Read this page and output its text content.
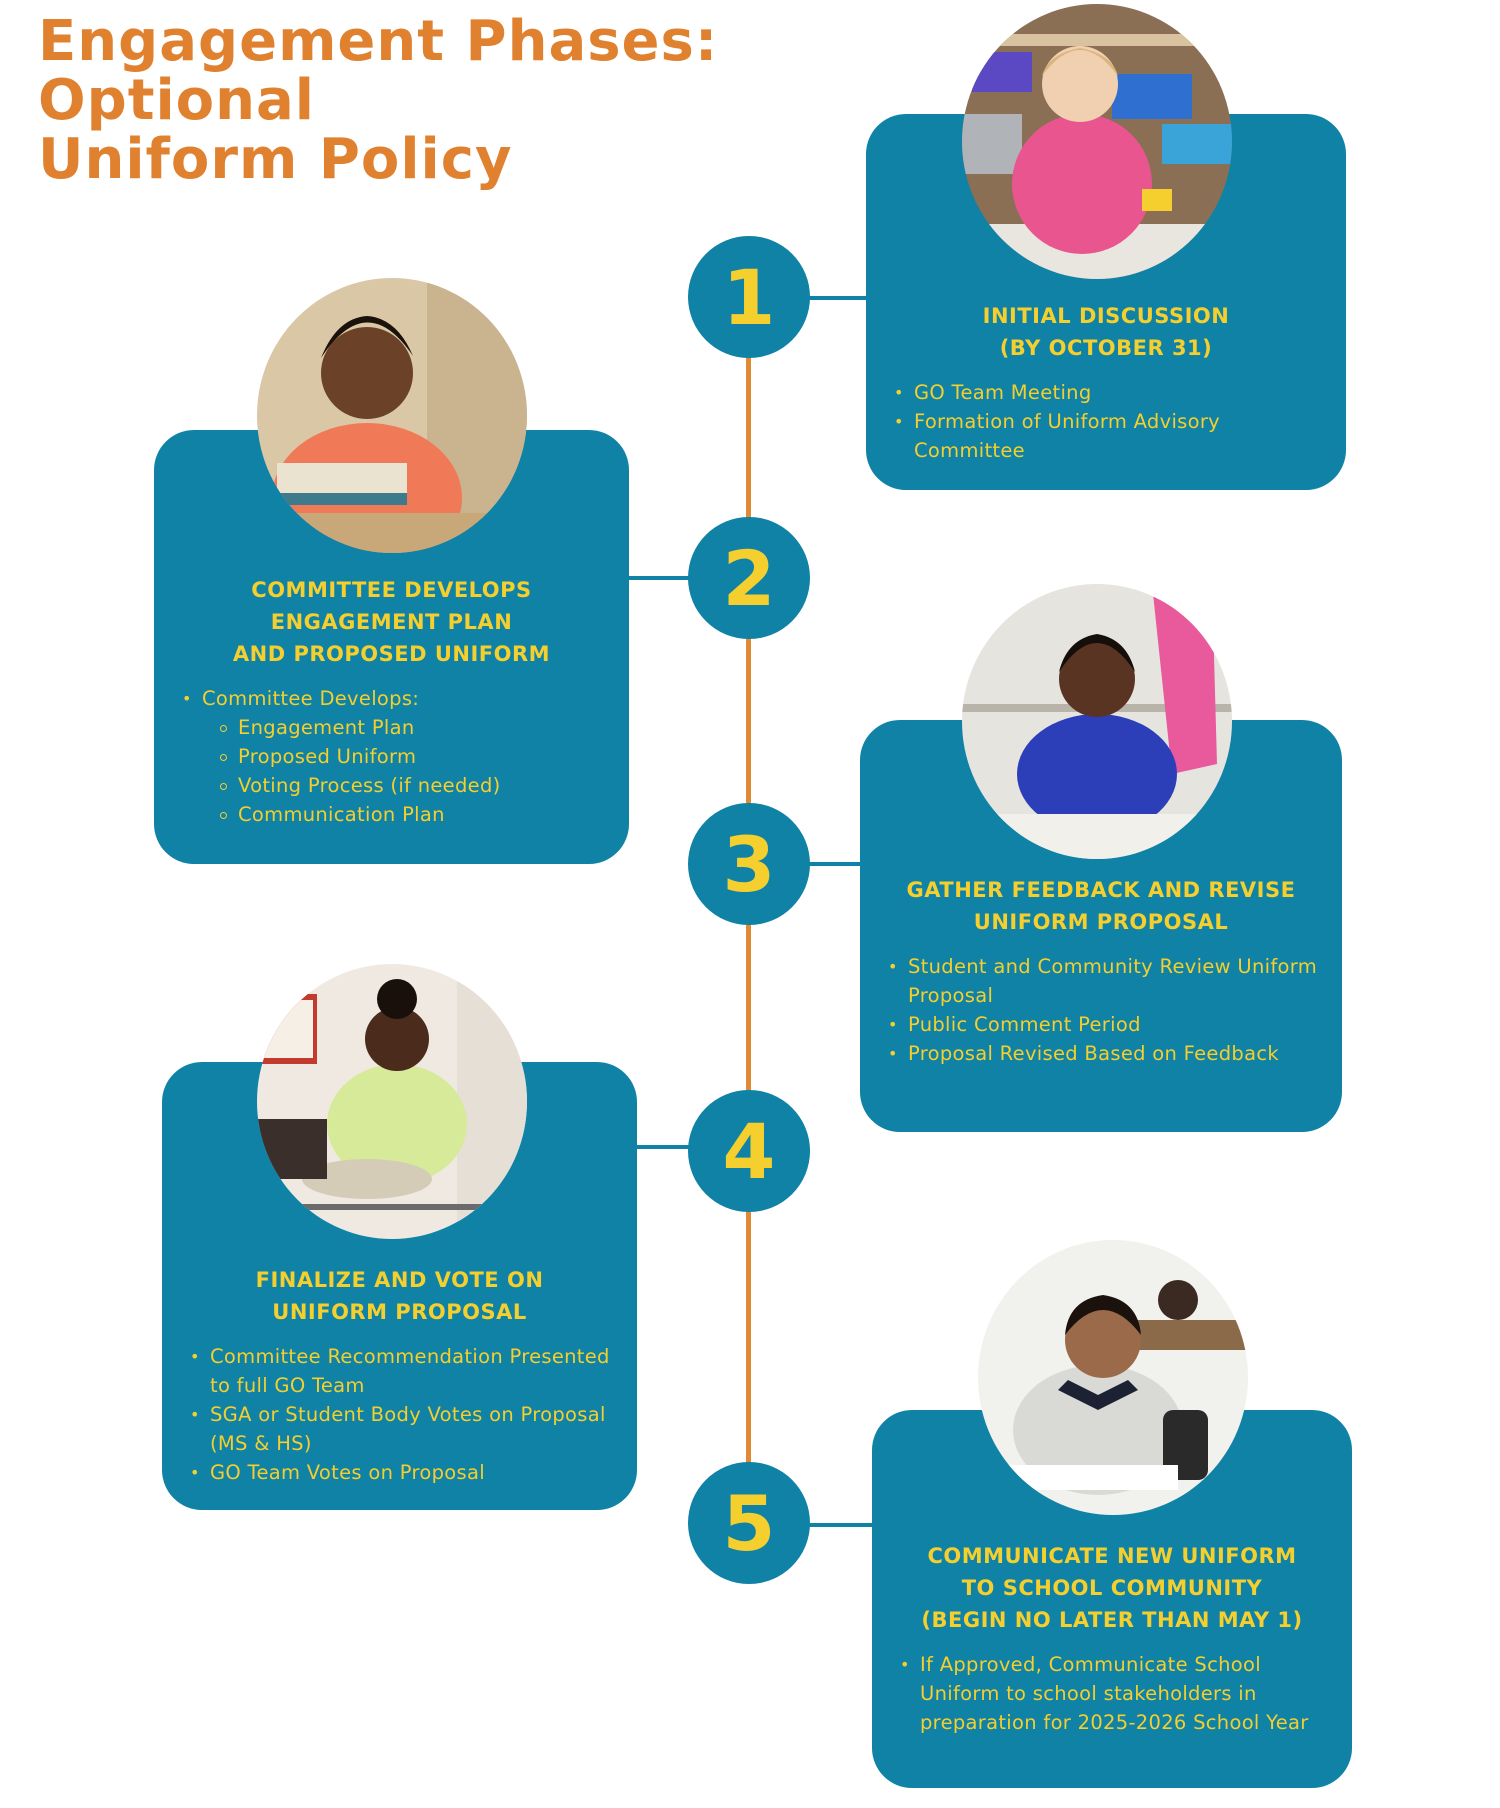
Engagement Phases:
Optional
Uniform Policy
INITIAL DISCUSSION
(BY OCTOBER 31)
• GO Team Meeting
• Formation of Uniform Advisory Committee
COMMITTEE DEVELOPS
ENGAGEMENT PLAN
AND PROPOSED UNIFORM
• Committee Develops:
Engagement Plan
Proposed Uniform
Voting Process (if needed)
Communication Plan
GATHER FEEDBACK AND REVISE
UNIFORM PROPOSAL
• Student and Community Review Uniform Proposal
• Public Comment Period
• Proposal Revised Based on Feedback
FINALIZE AND VOTE ON
UNIFORM PROPOSAL
• Committee Recommendation Presented to full GO Team
• SGA or Student Body Votes on Proposal (MS & HS)
• GO Team Votes on Proposal
COMMUNICATE NEW UNIFORM
TO SCHOOL COMMUNITY
(BEGIN NO LATER THAN MAY 1)
• If Approved, Communicate School Uniform to school stakeholders in preparation for 2025-2026 School Year
1
2
3
4
5
